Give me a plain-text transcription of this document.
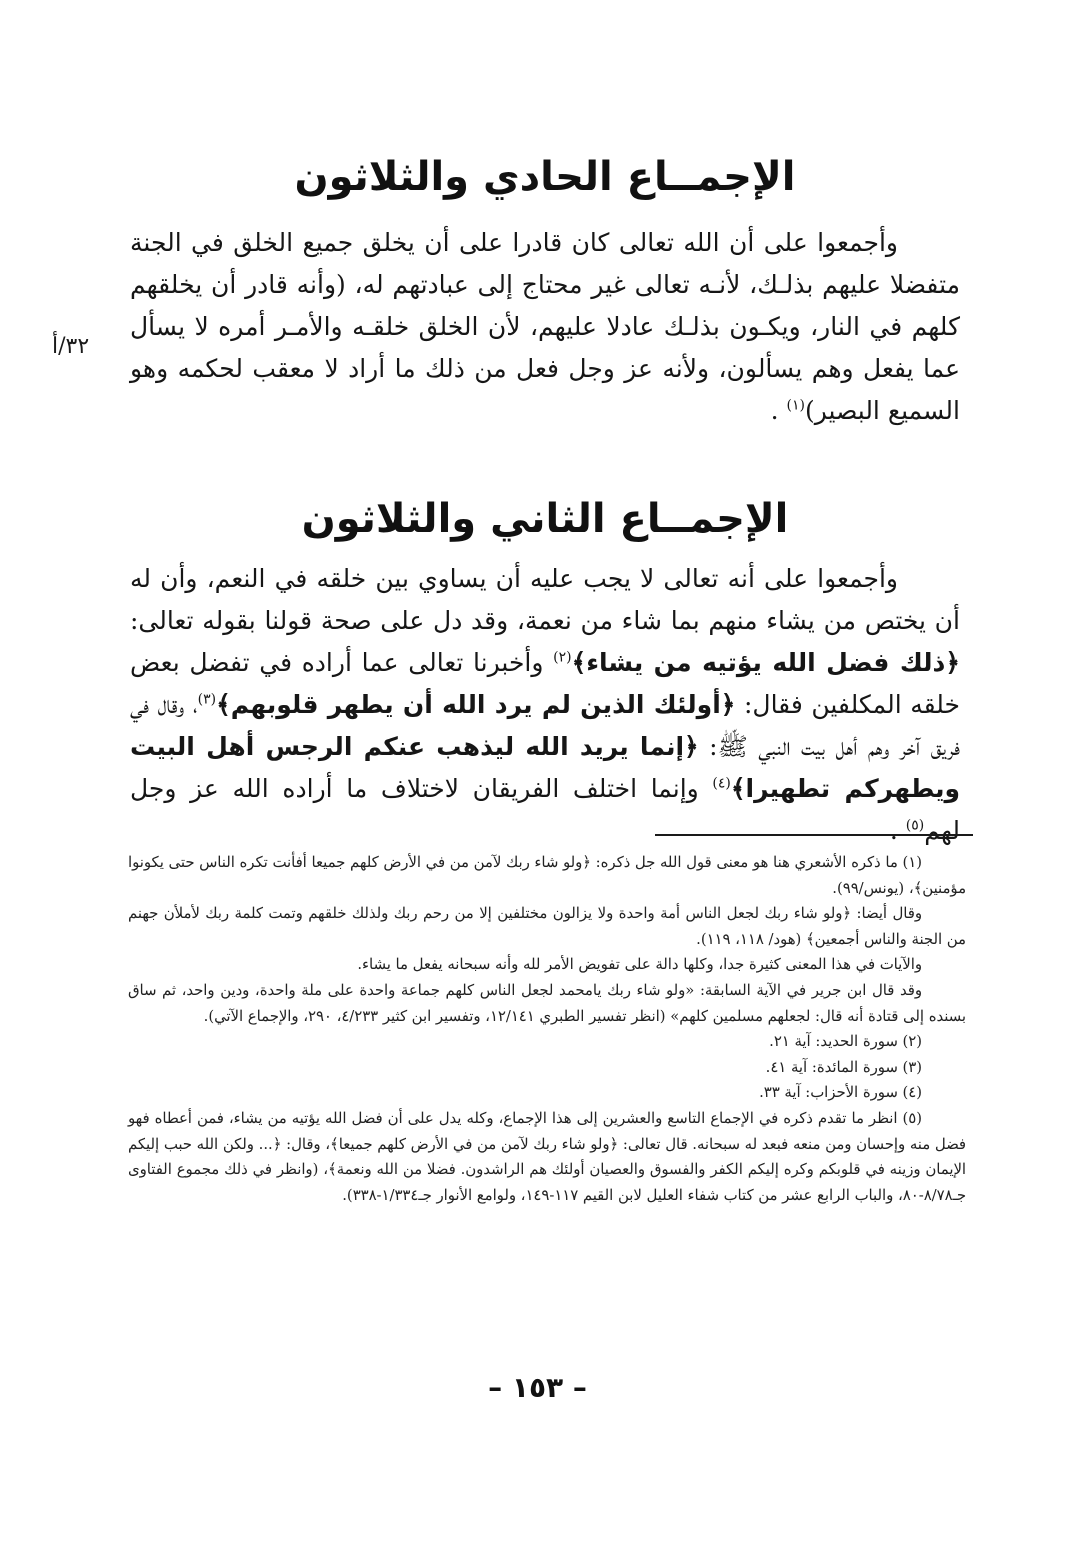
الإجمــاع الحادي والثلاثون

وأجمعوا على أن الله تعالى كان قادرا على أن يخلق جميع الخلق في الجنة متفضلا عليهم بذلـك، لأنـه تعالى غير محتاج إلى عبادتهم له، (وأنه قادر أن يخلقهم كلهم في النار، ويكـون بذلـك عادلا عليهم، لأن الخلق خلقـه والأمـر أمره لا يسأل عما يفعل وهم يسألون، ولأنه عز وجل فعل من ذلك ما أراد لا معقب لحكمه وهو السميع البصير)$^{(١)}$ .

٣٢/أ
الإجمــاع الثاني والثلاثون

وأجمعوا على أنه تعالى لا يجب عليه أن يساوي بين خلقه في النعم، وأن له أن يختص من يشاء منهم بما شاء من نعمة، وقد دل على صحة قولنا بقوله تعالى: ﴿ذلك فضل الله يؤتيه من يشاء﴾$^{(٢)}$ وأخبرنا تعالى عما أراده في تفضل بعض خلقه المكلفين فقال: ﴿أولئك الذين لم يرد الله أن يطهر قلوبهم﴾$^{(٣)}$، وقال في فريق آخر وهم أهل بيت النبي ﷺ: ﴿إنما يريد الله ليذهب عنكم الرجس أهل البيت ويطهركم تطهيرا﴾$^{(٤)}$ وإنما اختلف الفريقان لاختلاف ما أراده الله عز وجل لهم$^{(٥)}$ .

(١) ما ذكره الأشعري هنا هو معنى قول الله جل ذكره: ﴿ولو شاء ربك لآمن من في الأرض كلهم جميعا أفأنت تكره الناس حتى يكونوا مؤمنين﴾، (يونس/٩٩).

وقال أيضا: ﴿ولو شاء ربك لجعل الناس أمة واحدة ولا يزالون مختلفين إلا من رحم ربك ولذلك خلقهم وتمت كلمة ربك لأملأن جهنم من الجنة والناس أجمعين﴾ (هود/ ١١٨، ١١٩).

والآيات في هذا المعنى كثيرة جدا، وكلها دالة على تفويض الأمر لله وأنه سبحانه يفعل ما يشاء.

وقد قال ابن جرير في الآية السابقة: «ولو شاء ربك يامحمد لجعل الناس كلهم جماعة واحدة على ملة واحدة، ودين واحد، ثم ساق بسنده إلى قتادة أنه قال: لجعلهم مسلمين كلهم» (انظر تفسير الطبري ١٢/١٤١، وتفسير ابن كثير ٤/٢٣٣، ٢٩٠، والإجماع الآتي).

(٢) سورة الحديد: آية ٢١.

(٣) سورة المائدة: آية ٤١.

(٤) سورة الأحزاب: آية ٣٣.

(٥) انظر ما تقدم ذكره في الإجماع التاسع والعشرين إلى هذا الإجماع، وكله يدل على أن فضل الله يؤتيه من يشاء، فمن أعطاه فهو فضل منه وإحسان ومن منعه فبعد له سبحانه. قال تعالى: ﴿ولو شاء ربك لآمن من في الأرض كلهم جميعا﴾، وقال: ﴿... ولكن الله حبب إليكم الإيمان وزينه في قلوبكم وكره إليكم الكفر والفسوق والعصيان أولئك هم الراشدون. فضلا من الله ونعمة﴾، (وانظر في ذلك مجموع الفتاوى جـ٨/٧٨-٨٠، والباب الرابع عشر من كتاب شفاء العليل لابن القيم ١١٧-١٤٩، ولوامع الأنوار جـ١/٣٣٤-٣٣٨).

– ١٥٣ –
